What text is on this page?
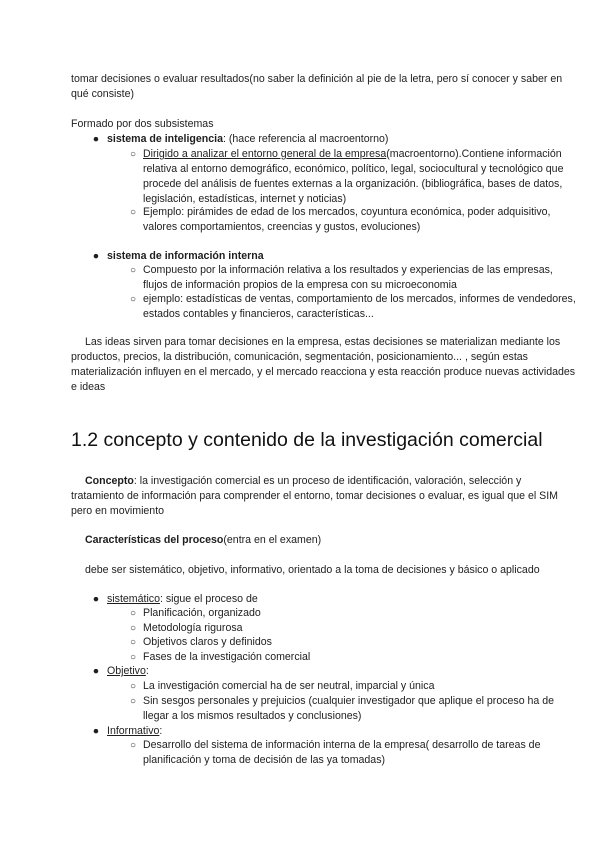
tomar decisiones o evaluar resultados(no saber la definición al pie de la letra, pero sí conocer y saber en qué consiste)

Formado por dos subsistemas

● sistema de inteligencia: (hace referencia al macroentorno)

○ Dirigido a analizar el entorno general de la empresa(macroentorno).Contiene información relativa al entorno demográfico, económico, político, legal, sociocultural y tecnológico que procede del análisis de fuentes externas a la organización. (bibliográfica, bases de datos, legislación, estadísticas, internet y noticias)

○ Ejemplo: pirámides de edad de los mercados, coyuntura económica, poder adquisitivo, valores comportamientos, creencias y gustos, evoluciones)

● sistema de información interna

○ Compuesto por la información relativa a los resultados y experiencias de las empresas, flujos de información propios de la empresa con su microeconomia

○ ejemplo: estadísticas de ventas, comportamiento de los mercados, informes de vendedores, estados contables y financieros, características...

Las ideas sirven para tomar decisiones en la empresa, estas decisiones se materializan mediante los productos, precios, la distribución, comunicación, segmentación, posicionamiento... , según estas materialización influyen en el mercado, y el mercado reacciona y esta reacción produce nuevas actividades e ideas

1.2 concepto y contenido de la investigación comercial

Concepto: la investigación comercial es un proceso de identificación, valoración, selección y tratamiento de información para comprender el entorno, tomar decisiones o evaluar, es igual que el SIM pero en movimiento

Características del proceso(entra en el examen)

debe ser sistemático, objetivo, informativo, orientado a la toma de decisiones y básico o aplicado

● sistemático: sigue el proceso de

○ Planificación, organizado

○ Metodología rigurosa

○ Objetivos claros y definidos

○ Fases de la investigación comercial

● Objetivo:

○ La investigación comercial ha de ser neutral, imparcial y única

○ Sin sesgos personales y prejuicios (cualquier investigador que aplique el proceso ha de llegar a los mismos resultados y conclusiones)

● Informativo:

○ Desarrollo del sistema de información interna de la empresa( desarrollo de tareas de planificación y toma de decisión de las ya tomadas)
